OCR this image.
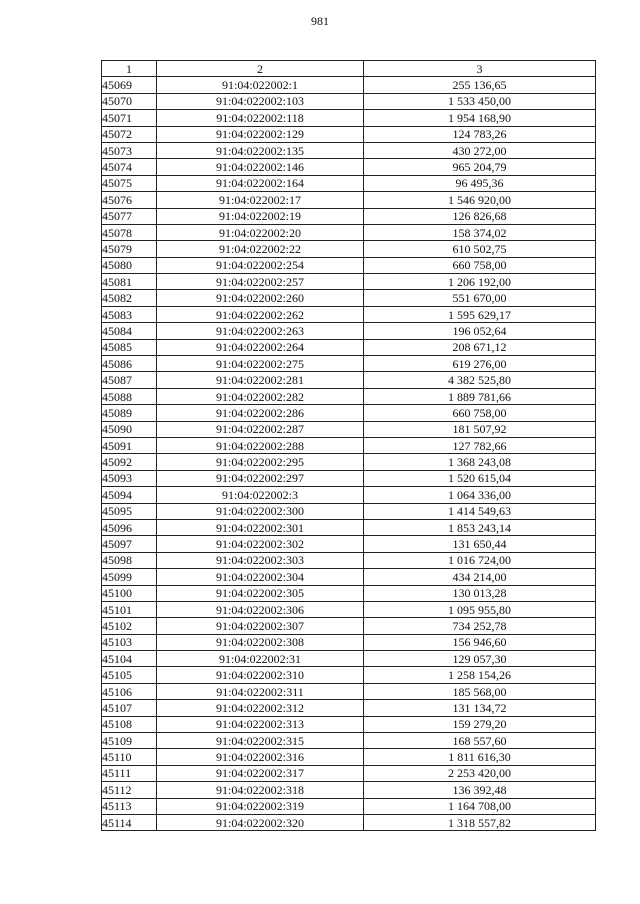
981
1	2	3
45069	91:04:022002:1	255 136,65
45070	91:04:022002:103	1 533 450,00
45071	91:04:022002:118	1 954 168,90
45072	91:04:022002:129	124 783,26
45073	91:04:022002:135	430 272,00
45074	91:04:022002:146	965 204,79
45075	91:04:022002:164	96 495,36
45076	91:04:022002:17	1 546 920,00
45077	91:04:022002:19	126 826,68
45078	91:04:022002:20	158 374,02
45079	91:04:022002:22	610 502,75
45080	91:04:022002:254	660 758,00
45081	91:04:022002:257	1 206 192,00
45082	91:04:022002:260	551 670,00
45083	91:04:022002:262	1 595 629,17
45084	91:04:022002:263	196 052,64
45085	91:04:022002:264	208 671,12
45086	91:04:022002:275	619 276,00
45087	91:04:022002:281	4 382 525,80
45088	91:04:022002:282	1 889 781,66
45089	91:04:022002:286	660 758,00
45090	91:04:022002:287	181 507,92
45091	91:04:022002:288	127 782,66
45092	91:04:022002:295	1 368 243,08
45093	91:04:022002:297	1 520 615,04
45094	91:04:022002:3	1 064 336,00
45095	91:04:022002:300	1 414 549,63
45096	91:04:022002:301	1 853 243,14
45097	91:04:022002:302	131 650,44
45098	91:04:022002:303	1 016 724,00
45099	91:04:022002:304	434 214,00
45100	91:04:022002:305	130 013,28
45101	91:04:022002:306	1 095 955,80
45102	91:04:022002:307	734 252,78
45103	91:04:022002:308	156 946,60
45104	91:04:022002:31	129 057,30
45105	91:04:022002:310	1 258 154,26
45106	91:04:022002:311	185 568,00
45107	91:04:022002:312	131 134,72
45108	91:04:022002:313	159 279,20
45109	91:04:022002:315	168 557,60
45110	91:04:022002:316	1 811 616,30
45111	91:04:022002:317	2 253 420,00
45112	91:04:022002:318	136 392,48
45113	91:04:022002:319	1 164 708,00
45114	91:04:022002:320	1 318 557,82
